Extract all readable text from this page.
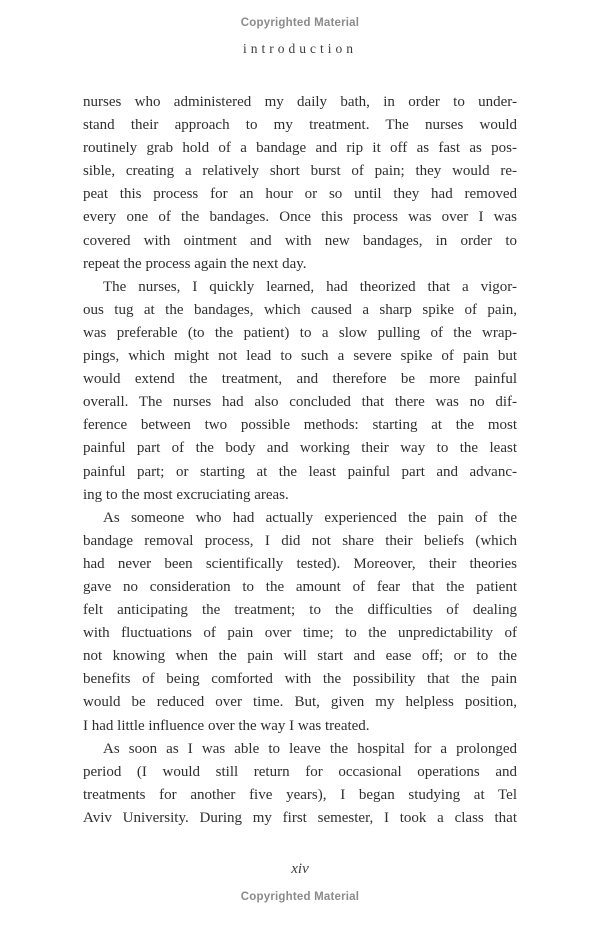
Copyrighted Material
introduction
nurses who administered my daily bath, in order to under-
stand their approach to my treatment. The nurses would
routinely grab hold of a bandage and rip it off as fast as pos-
sible, creating a relatively short burst of pain; they would re-
peat this process for an hour or so until they had removed
every one of the bandages. Once this process was over I was
covered with ointment and with new bandages, in order to
repeat the process again the next day.
The nurses, I quickly learned, had theorized that a vigor-
ous tug at the bandages, which caused a sharp spike of pain,
was preferable (to the patient) to a slow pulling of the wrap-
pings, which might not lead to such a severe spike of pain but
would extend the treatment, and therefore be more painful
overall. The nurses had also concluded that there was no dif-
ference between two possible methods: starting at the most
painful part of the body and working their way to the least
painful part; or starting at the least painful part and advanc-
ing to the most excruciating areas.
As someone who had actually experienced the pain of the
bandage removal process, I did not share their beliefs (which
had never been scientifically tested). Moreover, their theories
gave no consideration to the amount of fear that the patient
felt anticipating the treatment; to the difficulties of dealing
with fluctuations of pain over time; to the unpredictability of
not knowing when the pain will start and ease off; or to the
benefits of being comforted with the possibility that the pain
would be reduced over time. But, given my helpless position,
I had little influence over the way I was treated.
As soon as I was able to leave the hospital for a prolonged
period (I would still return for occasional operations and
treatments for another five years), I began studying at Tel
Aviv University. During my first semester, I took a class that
xiv
Copyrighted Material
